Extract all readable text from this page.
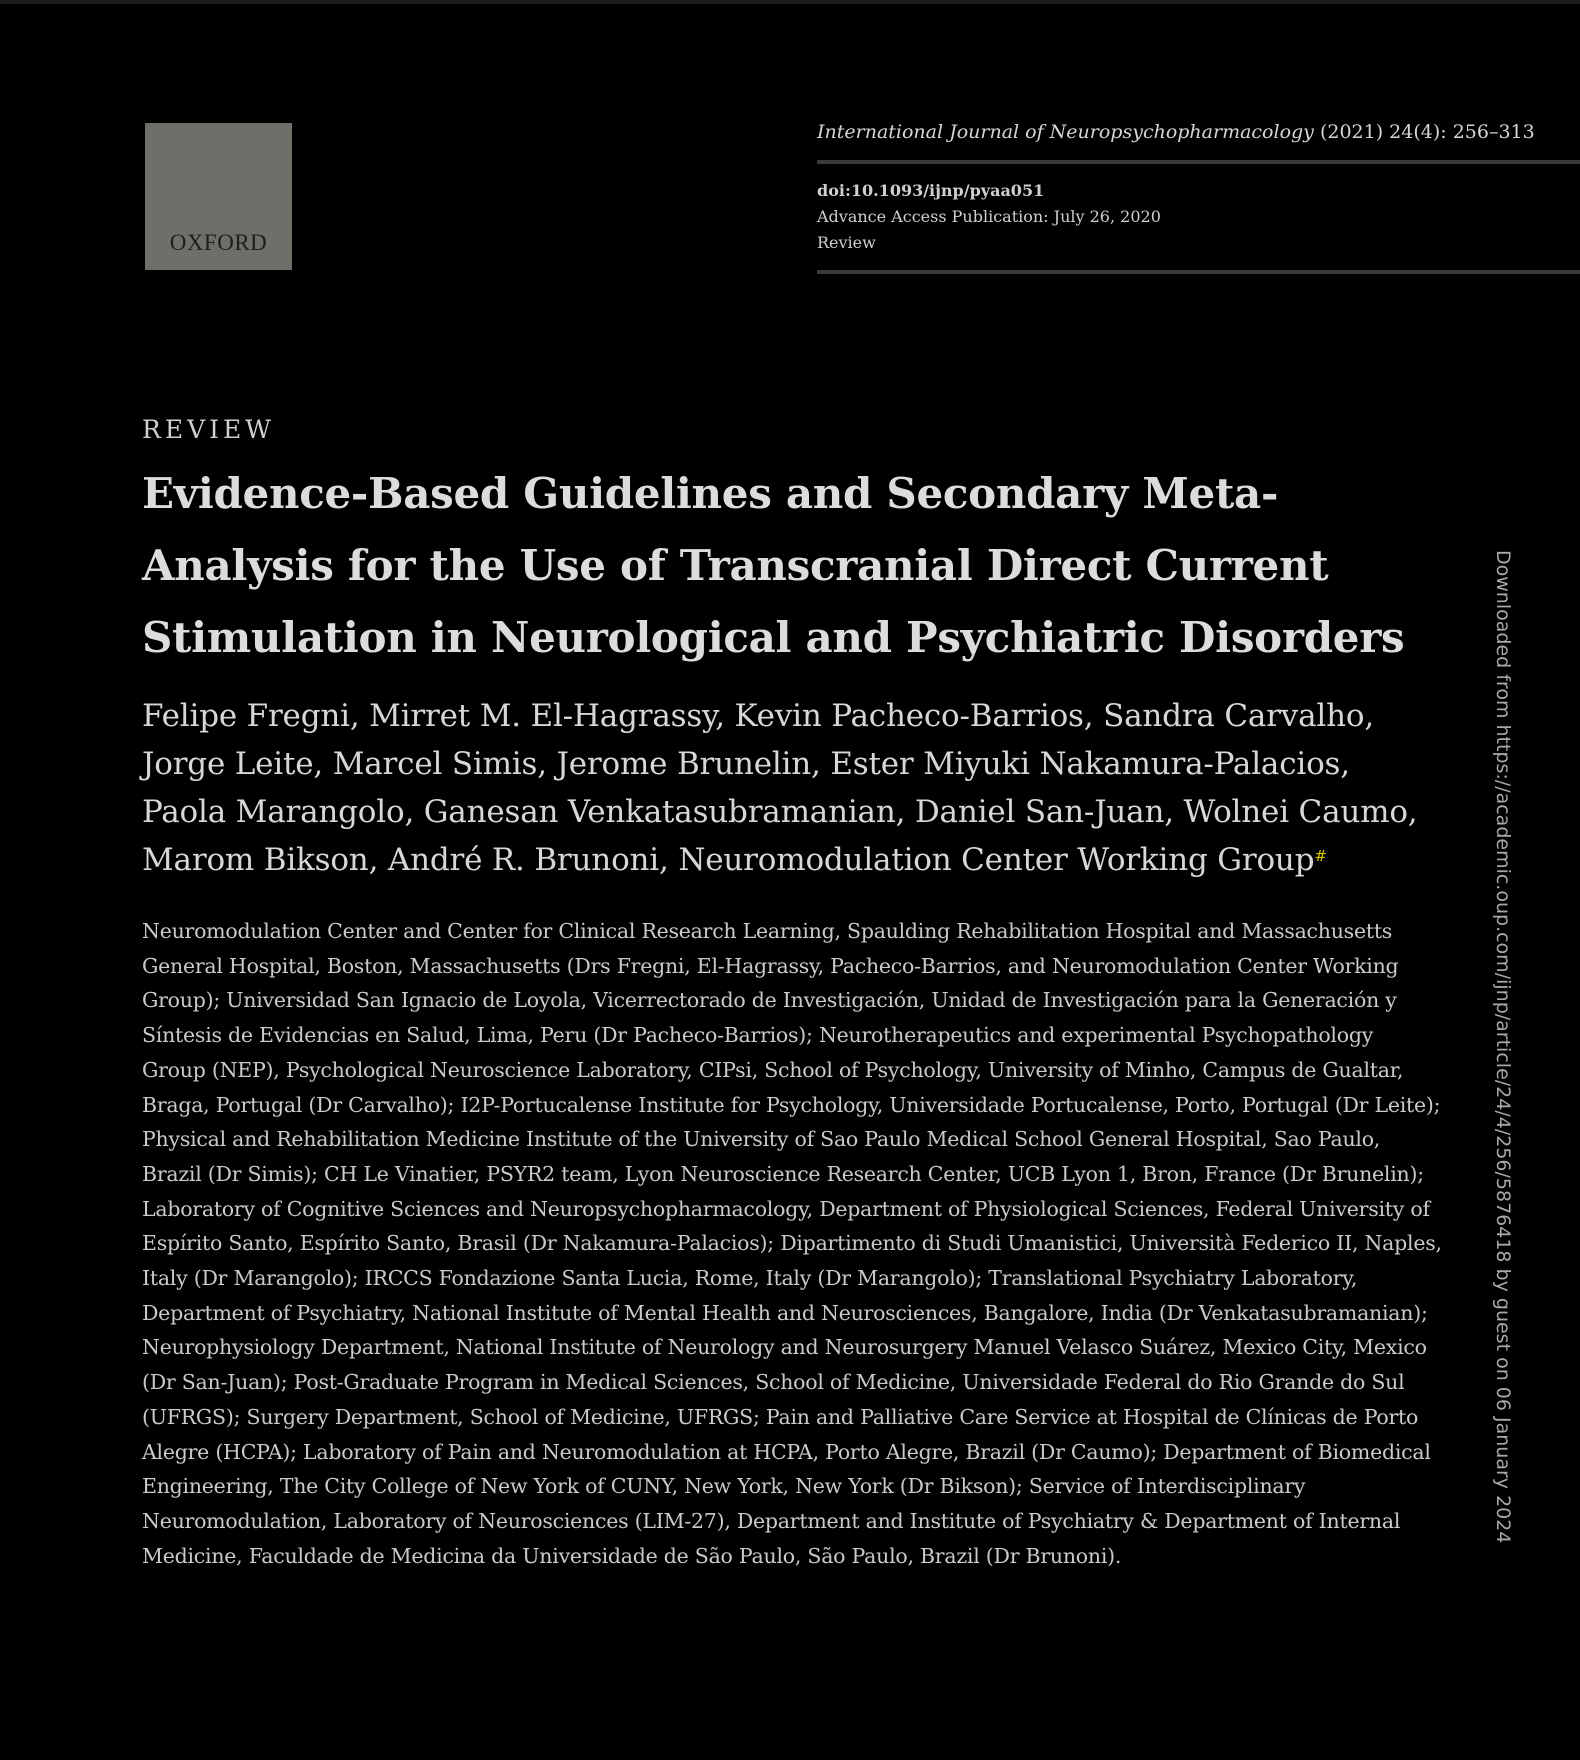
OXFORD
International Journal of Neuropsychopharmacology (2021) 24(4): 256–313
doi:10.1093/ijnp/pyaa051
Advance Access Publication: July 26, 2020
Review
REVIEW
Evidence-Based Guidelines and Secondary Meta-Analysis for the Use of Transcranial Direct Current Stimulation in Neurological and Psychiatric Disorders
Felipe Fregni, Mirret M. El-Hagrassy, Kevin Pacheco-Barrios, Sandra Carvalho, Jorge Leite, Marcel Simis, Jerome Brunelin, Ester Miyuki Nakamura-Palacios, Paola Marangolo, Ganesan Venkatasubramanian, Daniel San-Juan, Wolnei Caumo, Marom Bikson, André R. Brunoni, Neuromodulation Center Working Group#
Neuromodulation Center and Center for Clinical Research Learning, Spaulding Rehabilitation Hospital and Massachusetts General Hospital, Boston, Massachusetts (Drs Fregni, El-Hagrassy, Pacheco-Barrios, and Neuromodulation Center Working Group); Universidad San Ignacio de Loyola, Vicerrectorado de Investigación, Unidad de Investigación para la Generación y Síntesis de Evidencias en Salud, Lima, Peru (Dr Pacheco-Barrios); Neurotherapeutics and experimental Psychopathology Group (NEP), Psychological Neuroscience Laboratory, CIPsi, School of Psychology, University of Minho, Campus de Gualtar, Braga, Portugal (Dr Carvalho); I2P-Portucalense Institute for Psychology, Universidade Portucalense, Porto, Portugal (Dr Leite); Physical and Rehabilitation Medicine Institute of the University of Sao Paulo Medical School General Hospital, Sao Paulo, Brazil (Dr Simis); CH Le Vinatier, PSYR2 team, Lyon Neuroscience Research Center, UCB Lyon 1, Bron, France (Dr Brunelin); Laboratory of Cognitive Sciences and Neuropsychopharmacology, Department of Physiological Sciences, Federal University of Espírito Santo, Espírito Santo, Brasil (Dr Nakamura-Palacios); Dipartimento di Studi Umanistici, Università Federico II, Naples, Italy (Dr Marangolo); IRCCS Fondazione Santa Lucia, Rome, Italy (Dr Marangolo); Translational Psychiatry Laboratory, Department of Psychiatry, National Institute of Mental Health and Neurosciences, Bangalore, India (Dr Venkatasubramanian); Neurophysiology Department, National Institute of Neurology and Neurosurgery Manuel Velasco Suárez, Mexico City, Mexico (Dr San-Juan); Post-Graduate Program in Medical Sciences, School of Medicine, Universidade Federal do Rio Grande do Sul (UFRGS); Surgery Department, School of Medicine, UFRGS; Pain and Palliative Care Service at Hospital de Clínicas de Porto Alegre (HCPA); Laboratory of Pain and Neuromodulation at HCPA, Porto Alegre, Brazil (Dr Caumo); Department of Biomedical Engineering, The City College of New York of CUNY, New York, New York (Dr Bikson); Service of Interdisciplinary Neuromodulation, Laboratory of Neurosciences (LIM-27), Department and Institute of Psychiatry & Department of Internal Medicine, Faculdade de Medicina da Universidade de São Paulo, São Paulo, Brazil (Dr Brunoni).
Downloaded from https://academic.oup.com/ijnp/article/24/4/256/5876418 by guest on 06 January 2024
